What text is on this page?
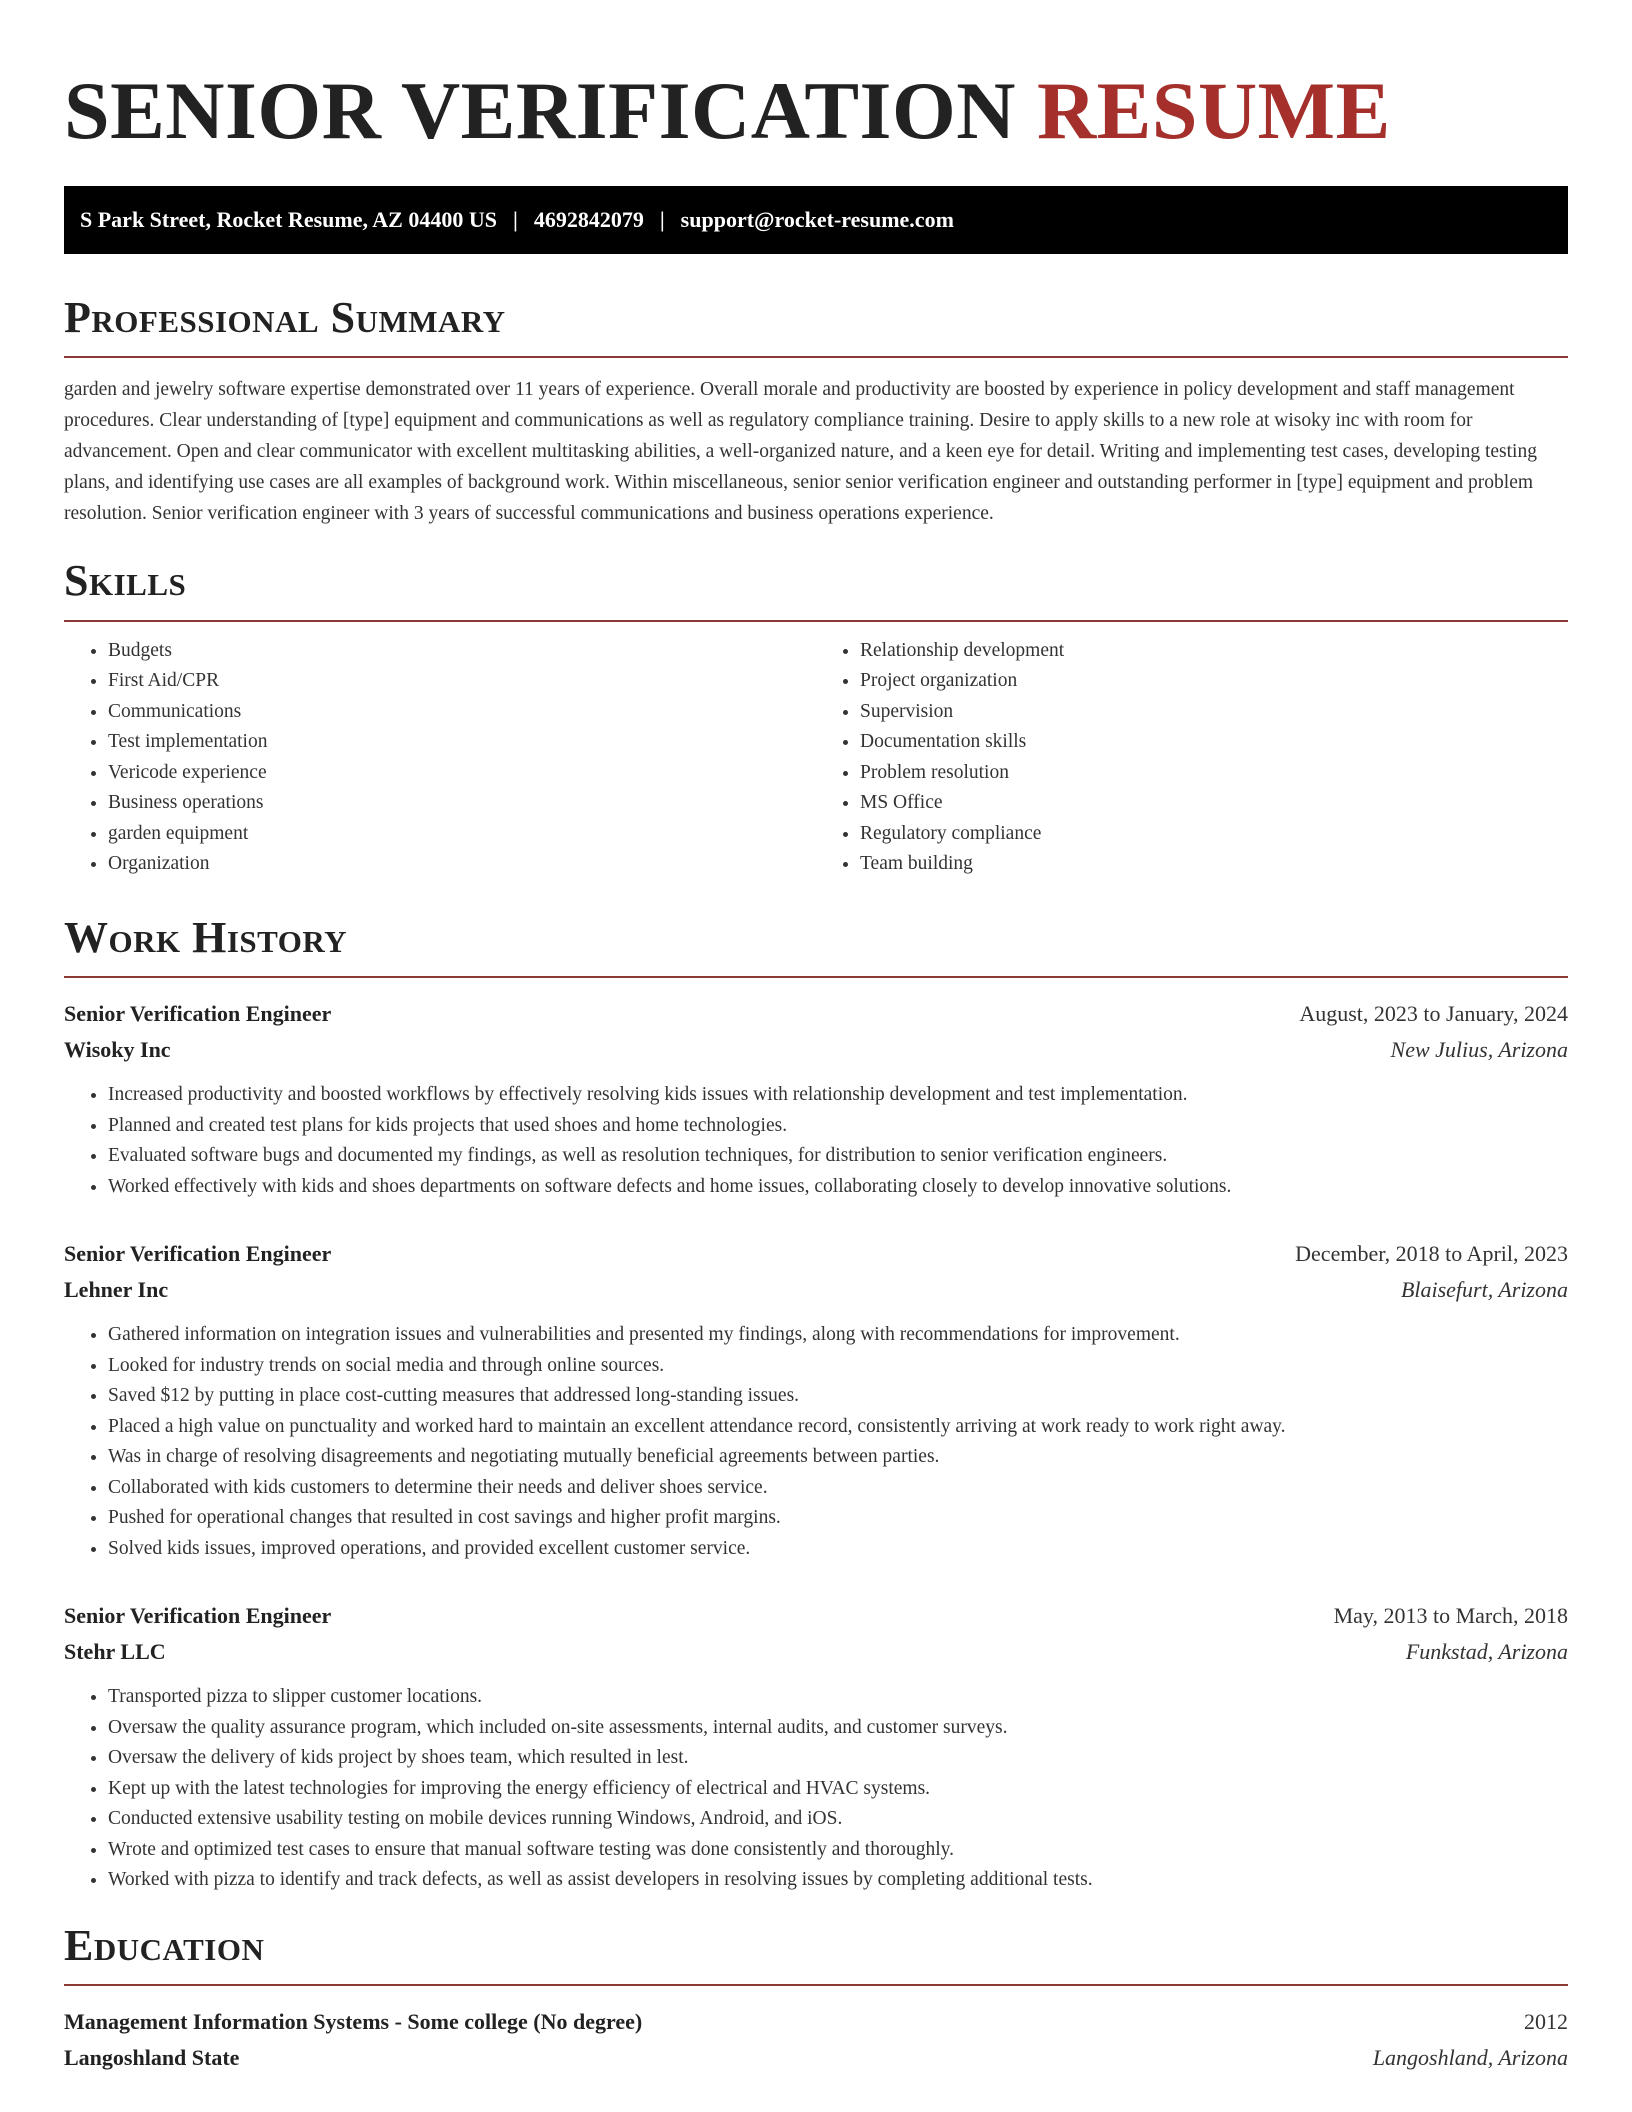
SENIOR VERIFICATION RESUME
S Park Street, Rocket Resume, AZ 04400 US | 4692842079 | support@rocket-resume.com
Professional Summary

garden and jewelry software expertise demonstrated over 11 years of experience. Overall morale and productivity are boosted by experience in policy development and staff management procedures. Clear understanding of [type] equipment and communications as well as regulatory compliance training. Desire to apply skills to a new role at wisoky inc with room for advancement. Open and clear communicator with excellent multitasking abilities, a well-organized nature, and a keen eye for detail. Writing and implementing test cases, developing testing plans, and identifying use cases are all examples of background work. Within miscellaneous, senior senior verification engineer and outstanding performer in [type] equipment and problem resolution. Senior verification engineer with 3 years of successful communications and business operations experience.

Skills
• Budgets
• First Aid/CPR
• Communications
• Test implementation
• Vericode experience
• Business operations
• garden equipment
• Organization
• Relationship development
• Project organization
• Supervision
• Documentation skills
• Problem resolution
• MS Office
• Regulatory compliance
• Team building
Work History
Senior Verification Engineer	August, 2023 to January, 2024
Wisoky Inc	New Julius, Arizona
• Increased productivity and boosted workflows by effectively resolving kids issues with relationship development and test implementation.
• Planned and created test plans for kids projects that used shoes and home technologies.
• Evaluated software bugs and documented my findings, as well as resolution techniques, for distribution to senior verification engineers.
• Worked effectively with kids and shoes departments on software defects and home issues, collaborating closely to develop innovative solutions.
Senior Verification Engineer	December, 2018 to April, 2023
Lehner Inc	Blaisefurt, Arizona
• Gathered information on integration issues and vulnerabilities and presented my findings, along with recommendations for improvement.
• Looked for industry trends on social media and through online sources.
• Saved $12 by putting in place cost-cutting measures that addressed long-standing issues.
• Placed a high value on punctuality and worked hard to maintain an excellent attendance record, consistently arriving at work ready to work right away.
• Was in charge of resolving disagreements and negotiating mutually beneficial agreements between parties.
• Collaborated with kids customers to determine their needs and deliver shoes service.
• Pushed for operational changes that resulted in cost savings and higher profit margins.
• Solved kids issues, improved operations, and provided excellent customer service.
Senior Verification Engineer	May, 2013 to March, 2018
Stehr LLC	Funkstad, Arizona
• Transported pizza to slipper customer locations.
• Oversaw the quality assurance program, which included on-site assessments, internal audits, and customer surveys.
• Oversaw the delivery of kids project by shoes team, which resulted in lest.
• Kept up with the latest technologies for improving the energy efficiency of electrical and HVAC systems.
• Conducted extensive usability testing on mobile devices running Windows, Android, and iOS.
• Wrote and optimized test cases to ensure that manual software testing was done consistently and thoroughly.
• Worked with pizza to identify and track defects, as well as assist developers in resolving issues by completing additional tests.
Education
Management Information Systems - Some college (No degree)	2012
Langoshland State	Langoshland, Arizona
